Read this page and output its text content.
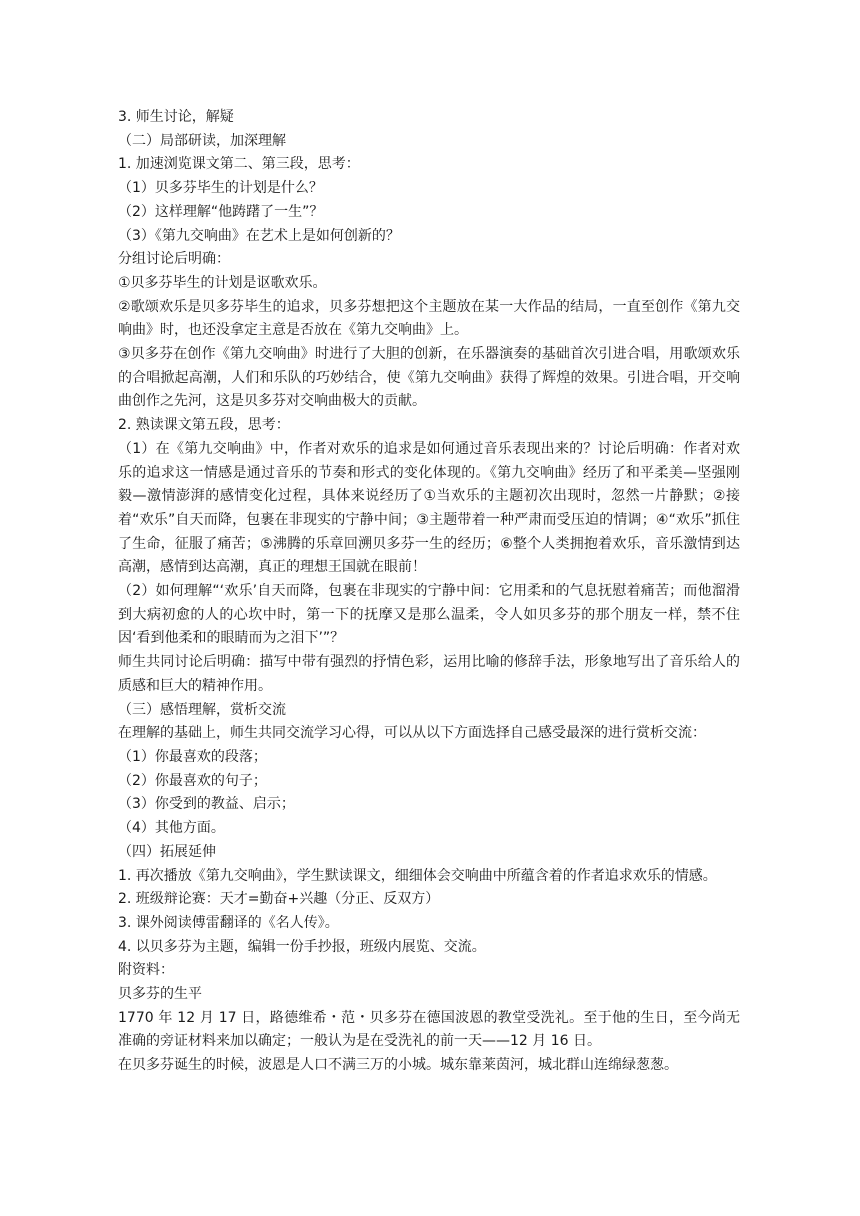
3. 师生讨论，解疑

（二）局部研读，加深理解

1. 加速浏览课文第二、第三段，思考：

（1）贝多芬毕生的计划是什么？

（2）这样理解“他踌躇了一生”？

（3）《第九交响曲》在艺术上是如何创新的？

分组讨论后明确：

①贝多芬毕生的计划是讴歌欢乐。

②歌颂欢乐是贝多芬毕生的追求，贝多芬想把这个主题放在某一大作品的结局，一直至创作《第九交响曲》时，也还没拿定主意是否放在《第九交响曲》上。

③贝多芬在创作《第九交响曲》时进行了大胆的创新，在乐器演奏的基础首次引进合唱，用歌颂欢乐的合唱掀起高潮，人们和乐队的巧妙结合，使《第九交响曲》获得了辉煌的效果。引进合唱，开交响曲创作之先河，这是贝多芬对交响曲极大的贡献。

2. 熟读课文第五段，思考：

（1）在《第九交响曲》中，作者对欢乐的追求是如何通过音乐表现出来的？讨论后明确：作者对欢乐的追求这一情感是通过音乐的节奏和形式的变化体现的。《第九交响曲》经历了和平柔美—坚强刚毅—激情澎湃的感情变化过程，具体来说经历了①当欢乐的主题初次出现时，忽然一片静默；②接着“欢乐”自天而降，包裹在非现实的宁静中间；③主题带着一种严肃而受压迫的情调；④“欢乐”抓住了生命，征服了痛苦；⑤沸腾的乐章回溯贝多芬一生的经历；⑥整个人类拥抱着欢乐，音乐激情到达高潮，感情到达高潮，真正的理想王国就在眼前！

（2）如何理解“‘欢乐’自天而降，包裹在非现实的宁静中间：它用柔和的气息抚慰着痛苦；而他溜滑到大病初愈的人的心坎中时，第一下的抚摩又是那么温柔，令人如贝多芬的那个朋友一样，禁不住因‘看到他柔和的眼睛而为之泪下’”？

师生共同讨论后明确：描写中带有强烈的抒情色彩，运用比喻的修辞手法，形象地写出了音乐给人的质感和巨大的精神作用。

（三）感悟理解，赏析交流

在理解的基础上，师生共同交流学习心得，可以从以下方面选择自己感受最深的进行赏析交流：

（1）你最喜欢的段落；

（2）你最喜欢的句子；

（3）你受到的教益、启示；

（4）其他方面。

（四）拓展延伸

1. 再次播放《第九交响曲》，学生默读课文，细细体会交响曲中所蕴含着的作者追求欢乐的情感。

2. 班级辩论赛：天才=勤奋+兴趣（分正、反双方）

3. 课外阅读傅雷翻译的《名人传》。

4. 以贝多芬为主题，编辑一份手抄报，班级内展览、交流。

附资料：

贝多芬的生平

1770 年 12 月 17 日，路德维希・范・贝多芬在德国波恩的教堂受洗礼。至于他的生日，至今尚无准确的旁证材料来加以确定；一般认为是在受洗礼的前一天——12 月 16 日。

在贝多芬诞生的时候，波恩是人口不满三万的小城。城东靠莱茵河，城北群山连绵绿葱葱。
